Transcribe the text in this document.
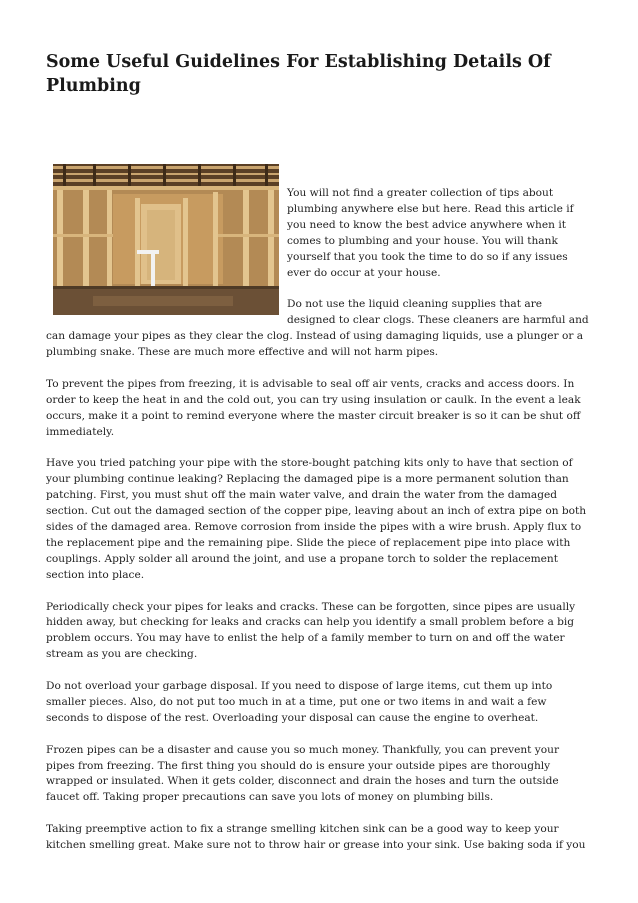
Some Useful Guidelines For Establishing Details Of Plumbing

You will not find a greater collection of tips about plumbing anywhere else but here. Read this article if you need to know the best advice anywhere when it comes to plumbing and your house. You will thank yourself that you took the time to do so if any issues ever do occur at your house.

Do not use the liquid cleaning supplies that are designed to clear clogs. These cleaners are harmful and can damage your pipes as they clear the clog. Instead of using damaging liquids, use a plunger or a plumbing snake. These are much more effective and will not harm pipes.

To prevent the pipes from freezing, it is advisable to seal off air vents, cracks and access doors. In order to keep the heat in and the cold out, you can try using insulation or caulk. In the event a leak occurs, make it a point to remind everyone where the master circuit breaker is so it can be shut off immediately.

Have you tried patching your pipe with the store-bought patching kits only to have that section of your plumbing continue leaking? Replacing the damaged pipe is a more permanent solution than patching. First, you must shut off the main water valve, and drain the water from the damaged section. Cut out the damaged section of the copper pipe, leaving about an inch of extra pipe on both sides of the damaged area. Remove corrosion from inside the pipes with a wire brush. Apply flux to the replacement pipe and the remaining pipe. Slide the piece of replacement pipe into place with couplings. Apply solder all around the joint, and use a propane torch to solder the replacement section into place.

Periodically check your pipes for leaks and cracks. These can be forgotten, since pipes are usually hidden away, but checking for leaks and cracks can help you identify a small problem before a big problem occurs. You may have to enlist the help of a family member to turn on and off the water stream as you are checking.

Do not overload your garbage disposal. If you need to dispose of large items, cut them up into smaller pieces. Also, do not put too much in at a time, put one or two items in and wait a few seconds to dispose of the rest. Overloading your disposal can cause the engine to overheat.

Frozen pipes can be a disaster and cause you so much money. Thankfully, you can prevent your pipes from freezing. The first thing you should do is ensure your outside pipes are thoroughly wrapped or insulated. When it gets colder, disconnect and drain the hoses and turn the outside faucet off. Taking proper precautions can save you lots of money on plumbing bills.

Taking preemptive action to fix a strange smelling kitchen sink can be a good way to keep your kitchen smelling great. Make sure not to throw hair or grease into your sink. Use baking soda if you
